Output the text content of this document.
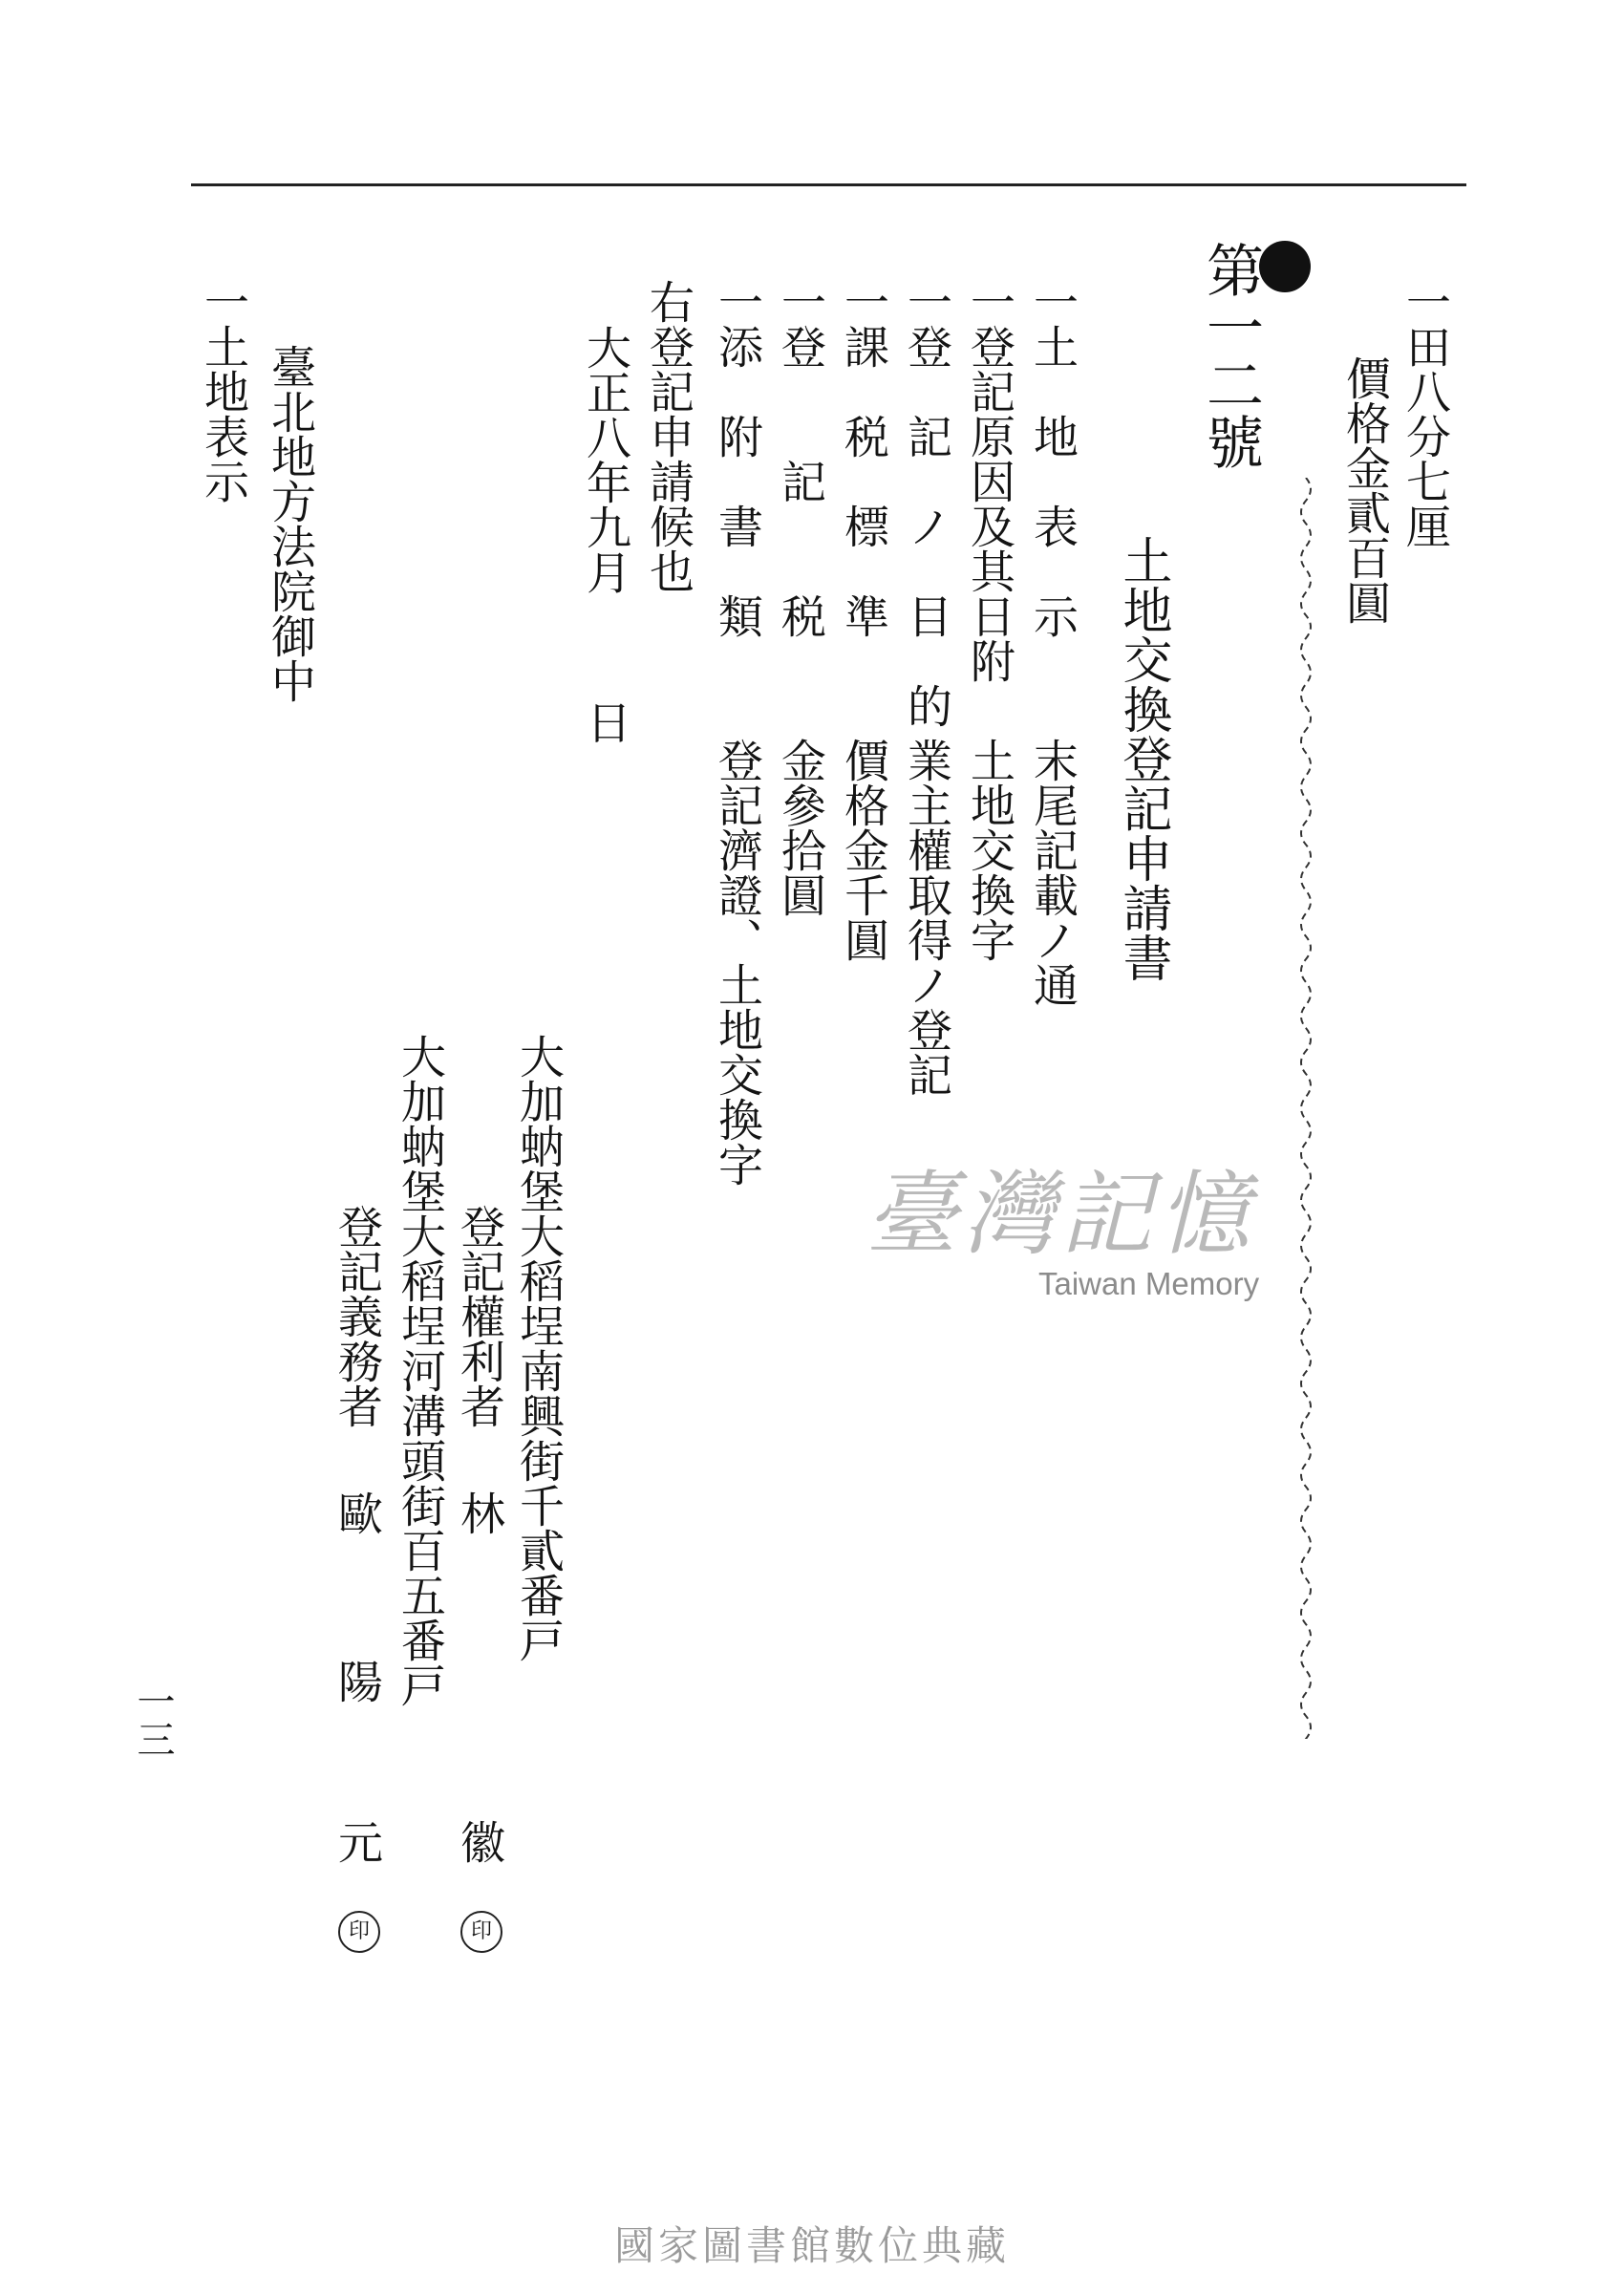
一田八分七厘
價格金貳百圓
第一二號
土地交換登記申請書
一土　地　表　示
一登記原因及其日附
一登　記　ノ　目　的
一課　税　標　準
一登　　記　　税
一添　附　書　類
末尾記載ノ通
土地交換字
業主權取得ノ登記
價格金千圓
金參拾圓
登記濟證、土地交換字
右登記申請候也
大正八年九月
日
大加蚋堡大稻埕南興街千貳番戸
登記權利者
林
徽
印
大加蚋堡大稻埕河溝頭街百五番戸
登記義務者
歐
陽
元
印
臺北地方法院御中
一土地表示
一三
臺灣記憶
Taiwan Memory
國家圖書館數位典藏
